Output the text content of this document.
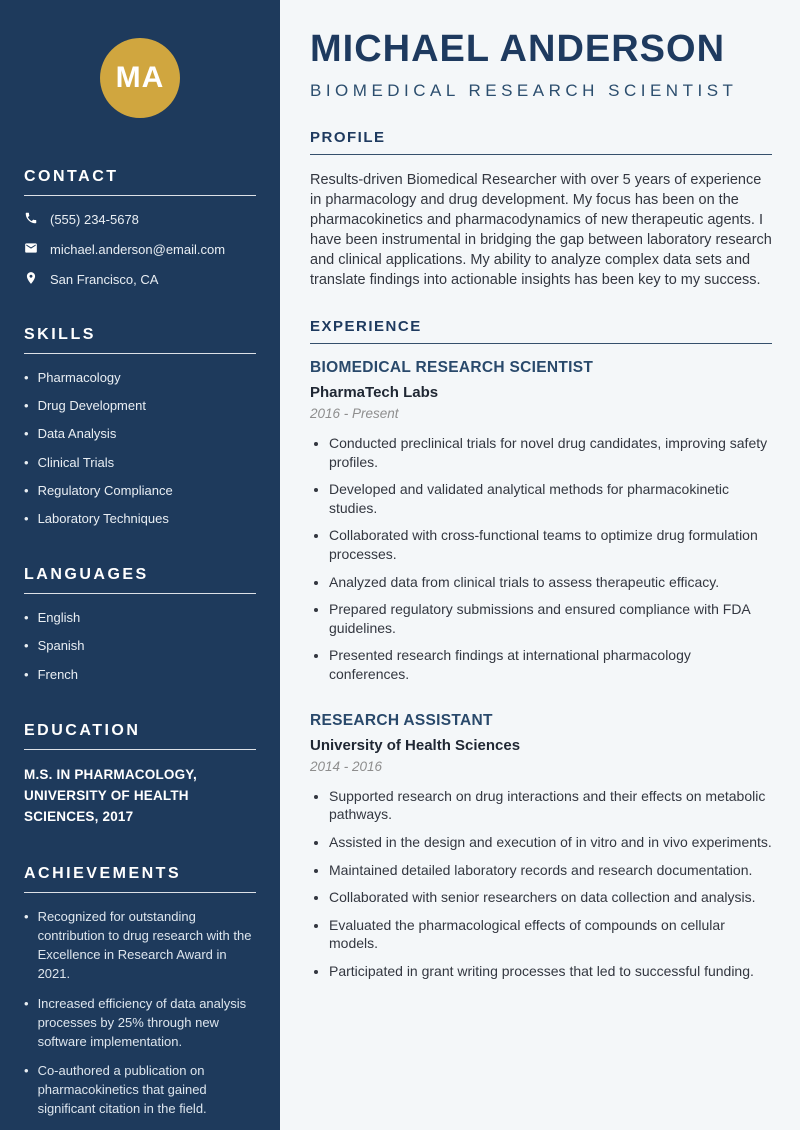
MA
CONTACT
(555) 234-5678
michael.anderson@email.com
San Francisco, CA
SKILLS
• Pharmacology
• Drug Development
• Data Analysis
• Clinical Trials
• Regulatory Compliance
• Laboratory Techniques
LANGUAGES
• English
• Spanish
• French
EDUCATION
M.S. IN PHARMACOLOGY, UNIVERSITY OF HEALTH SCIENCES, 2017
ACHIEVEMENTS
• Recognized for outstanding contribution to drug research with the Excellence in Research Award in 2021.
• Increased efficiency of data analysis processes by 25% through new software implementation.
• Co-authored a publication on pharmacokinetics that gained significant citation in the field.
MICHAEL ANDERSON
BIOMEDICAL RESEARCH SCIENTIST
PROFILE

Results-driven Biomedical Researcher with over 5 years of experience in pharmacology and drug development. My focus has been on the pharmacokinetics and pharmacodynamics of new therapeutic agents. I have been instrumental in bridging the gap between laboratory research and clinical applications. My ability to analyze complex data sets and translate findings into actionable insights has been key to my success.

EXPERIENCE
BIOMEDICAL RESEARCH SCIENTIST
PharmaTech Labs
2016 - Present
• Conducted preclinical trials for novel drug candidates, improving safety profiles.
• Developed and validated analytical methods for pharmacokinetic studies.
• Collaborated with cross-functional teams to optimize drug formulation processes.
• Analyzed data from clinical trials to assess therapeutic efficacy.
• Prepared regulatory submissions and ensured compliance with FDA guidelines.
• Presented research findings at international pharmacology conferences.
RESEARCH ASSISTANT
University of Health Sciences
2014 - 2016
• Supported research on drug interactions and their effects on metabolic pathways.
• Assisted in the design and execution of in vitro and in vivo experiments.
• Maintained detailed laboratory records and research documentation.
• Collaborated with senior researchers on data collection and analysis.
• Evaluated the pharmacological effects of compounds on cellular models.
• Participated in grant writing processes that led to successful funding.
